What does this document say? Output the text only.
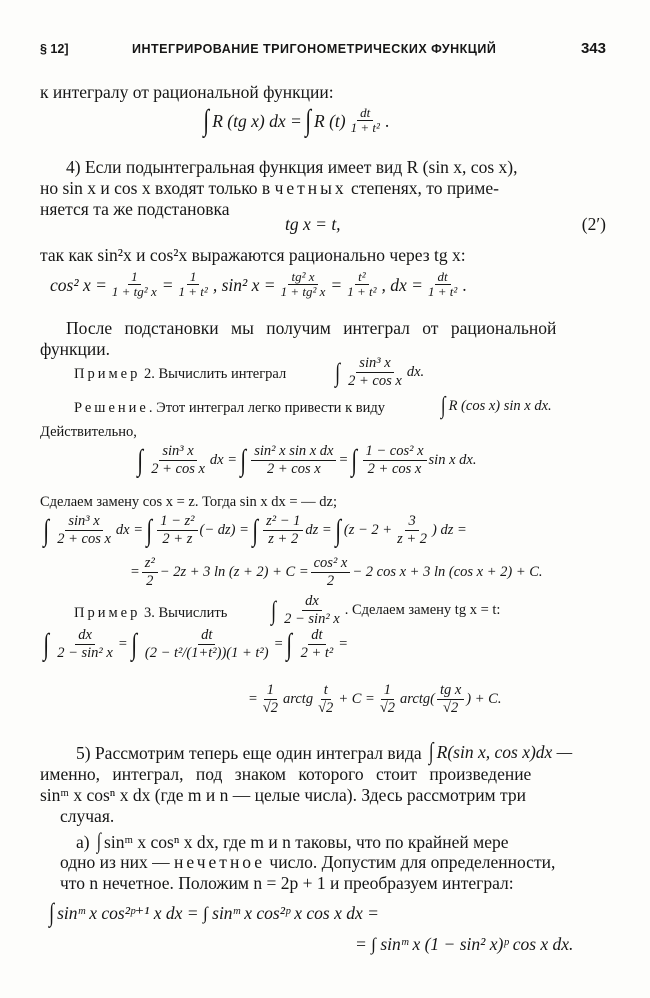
§ 12]	ИНТЕГРИРОВАНИЕ ТРИГОНОМЕТРИЧЕСКИХ ФУНКЦИЙ	343
к интегралу от рациональной функции:
∫ R (tg x) dx = ∫ R $(t) \frac{dt}{\text{1 + t²}}$ .
4) Если подынтегральная функция имеет вид R (sin x, cos x),
но sin x и cos x входят только в четных степенях, то приме-
няется та же подстановка
tg x = t,	(2′)
так как sin²x и cos²x выражаются рационально через tg x:
cos² $x = \frac{1}{\text{1 + tg² x}} = \frac{1}{\text{1 + t²}}$ , sin² $x = \frac{\text{tg² x}}{\text{1 + tg² x}} = \frac{\text{t²}}{\text{1 + t²}}$ , dx = $\frac{dt}{\text{1 + t²}}$ .
После подстановки мы получим интеграл от рациональной
функции.
Пример 2. Вычислить интеграл	∫ $\frac{\text{sin³ x}}{\text{2 + cos x}}$ dx.
Решение. Этот интеграл легко привести к виду	∫ R (cos x) sin x dx.
Действительно,
∫ $\frac{\text{sin³ x}}{\text{2 + cos x}}$ dx = ∫ $\frac{\text{sin² x sin x dx}}{\text{2 + cos x}}$ = ∫ $\frac{\text{1 − cos² x}}{\text{2 + cos x}}$ sin x dx.
Сделаем замену cos x = z. Тогда sin x dx = — dz;
∫ $\frac{\text{sin³ x}}{\text{2 + cos x}}$ dx = ∫ $\frac{\text{1 − z²}}{2 + z}$ (− dz) = ∫ $\frac{\text{z² − 1}}{z + 2}$ dz = ∫ ($z - 2 + \frac{3}{z + 2}$ ) dz =
= $\frac{\text{z²}}{2} - 2z + 3$ $\ln (z + 2) + C = \frac{\text{cos² x}}{2} - 2$ cos x + 3 ln (cos x + 2) + C.
Пример 3. Вычислить	∫ $\frac{dx}{\text{2 − sin² x}}$ . Сделаем замену tg x = t:
∫ $\frac{dx}{\text{2 − sin² x}}$ = ∫ $\frac{dt}{\text{(2 − t²/(1+t²))(1 + t²)}}$ = ∫ $\frac{dt}{\text{2 + t²}}$ =
= $\frac{1}{√2}$ arctg $\frac{t}{√2} + C = \frac{1}{√2}$ arctg( $\frac{\text{tg x}}{√2}$ ) + C.
5) Рассмотрим теперь еще один интеграл вида ∫ R(sin x, cos x)dx —
именно, интеграл, под знаком которого стоит произведение
sinᵐ x cosⁿ x dx (где m и n — целые числа). Здесь рассмотрим три
случая.
а) ∫ sinᵐ x cosⁿ x dx, где m и n таковы, что по крайней мере
одно из них — нечетное число. Допустим для определенности,
что n нечетное. Положим n = 2p + 1 и преобразуем интеграл:
∫ sinᵐ x cos²ᵖ⁺¹ x dx = ∫ sinᵐ x cos²ᵖ x cos x dx =
= ∫ sinᵐ x (1 − sin² x)ᵖ cos x dx.
